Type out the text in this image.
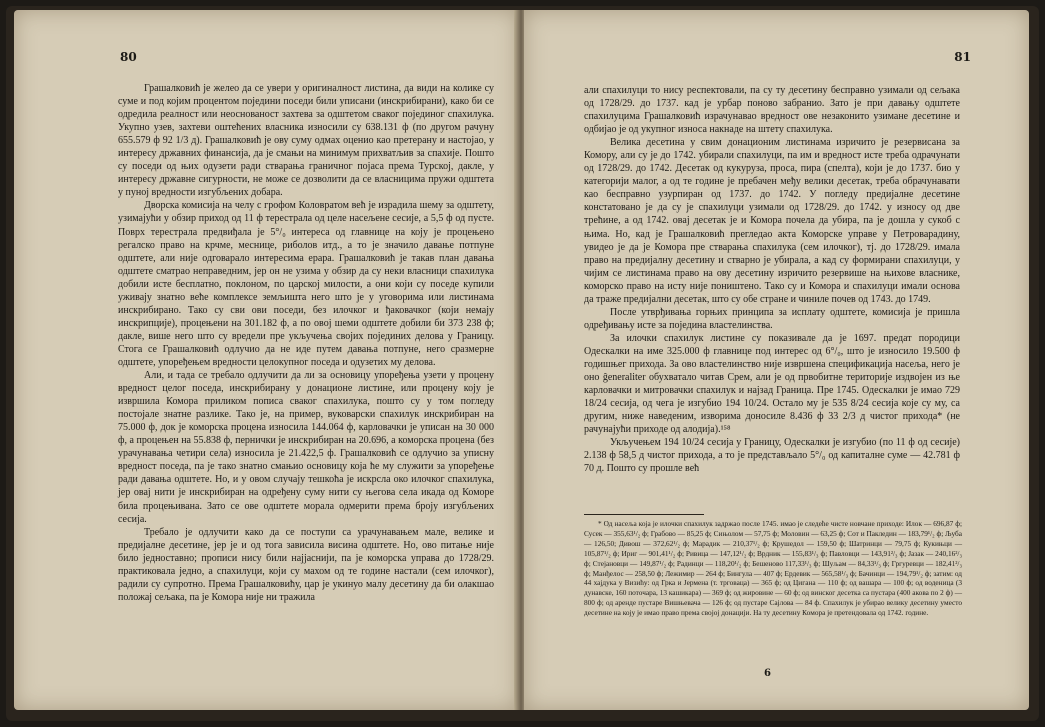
80

Грашалковић је желео да се увери у оригиналност листина, да види на колике су суме и под којим процентом поједини поседи били уписани (инскрибирани), како би се одредила реалност или неоснованост захтева за одштетом сваког појединог спахилука. Укупно узев, захтеви оштећених власника износили су 638.131 ф (по другом рачуну 655.579 ф 92 1/3 д). Грашалковић је ову суму одмах оценио као претерану и настојао, у интересу државних финансија, да је смањи на минимум прихватљив за спахије. Пошто су поседи од њих одузети ради стварања граничног појаса према Турској, дакле, у интересу државне сигурности, не може се дозволити да се власницима пружи одштета у пуној вредности изгубљених добара.

Дворска комисија на челу с грофом Коловратом већ је израдила шему за одштету, узимајући у обзир приход од 11 ф терестрала од целе насељене сесије, а 5,5 ф од пусте. Поврх терестрала предвиђала је 5°/₀ интереса од главнице на коју је процењено регалско право на крчме, меснице, риболов итд., а то је значило давање потпуне одштете, али није одговарало интересима ерара. Грашалковић је такав план давања одштете сматрао неправедним, јер он не узима у обзир да су неки власници спахилука добили исте бесплатно, поклоном, по царској милости, а они који су поседе купили уживају знатно веће комплексе земљишта него што је у уговорима или листинама инскрибирано. Тако су сви ови поседи, без илочког и ђаковачког (који немају инскрипције), процењени на 301.182 ф, а по овој шеми одштете добили би 373 238 ф; дакле, више него што су вредели пре укључења својих појединих делова у Границу. Стога се Грашалковић одлучио да не иде путем давања потпуне, него сразмерне одштете, упоређењем вредности целокупног поседа и одузетих му делова.

Али, и тада се требало одлучити да ли за основицу упоређења узети у процену вредност целог поседа, инскрибирану у донационе листине, или процену коју је извршила Комора приликом пописа сваког спахилука, пошто су у том погледу постојале знатне разлике. Тако је, на пример, вуковарски спахилук инскрибиран на 75.000 ф, док је коморска процена износила 144.064 ф, карловачки је уписан на 30 000 ф, а процењен на 55.838 ф, пернички је инскрибиран на 20.696, а коморска процена (без урачунавања четири села) износила је 21.422,5 ф. Грашалковић се одлучио за уписну вредност поседа, па је тако знатно смањио основицу која ће му служити за упоређење ради давања одштете. Но, и у овом случају тешкоћа је искрсла око илочког спахилука, јер овај нити је инскрибиран на одређену суму нити су његова села икада од Коморе била процењивана. Зато се ове одштете морала одмерити према броју изгубљених сесија.

Требало је одлучити како да се поступи са урачунавањем мале, велике и предијалне десетине, јер је и од тога зависила висина одштете. Но, ово питање није било једноставно; прописи нису били најјаснији, па је коморска управа до 1728/29. практиковала једно, а спахилуци, који су махом од те године настали (сем илочког), радили су супротно. Према Грашалковићу, цар је укинуо малу десетину да би олакшао положај сељака, па је Комора није ни тражила

81

али спахилуци то нису респектовали, па су ту десетину бесправно узимали од сељака од 1728/29. до 1737. кад је урбар поново забранио. Зато је при давању одштете спахилуцима Грашалковић израчунавао вредност ове незаконито узимане десетине и одбијао је од укупног износа накнаде на штету спахилука.

Велика десетина у свим донационим листинама изричито је резервисана за Комору, али су је до 1742. убирали спахилуци, па им и вредност исте треба одрачунати од 1728/29. до 1742. Десетак од кукуруза, проса, пира (спелта), који је до 1737. био у категорији малог, а од те године је пребачен међу велики десетак, треба обрачунавати као бесправно узурпиран од 1737. до 1742. У погледу предијалне десетине констатовано је да су је спахилуци узимали од 1728/29. до 1742. у износу од две трећине, а од 1742. овај десетак је и Комора почела да убира, па је дошла у сукоб с њима. Но, кад је Грашалковић прегледао акта Коморске управе у Петроварадину, увидео је да је Комора пре стварања спахилука (сем илочког), тј. до 1728/29. имала право на предијалну десетину и стварно је убирала, а кад су формирани спахилуци, у чијим се листинама право на ову десетину изричито резервише на њихове власнике, коморско право на исту није поништено. Тако су и Комора и спахилуци имали основа да траже предијални десетак, што су обе стране и чиниле почев од 1743. до 1749.

После утврђивања горњих принципа за исплату одштете, комисија је пришла одређивању исте за поједина властелинства.

За илочки спахилук листине су показивале да је 1697. предат породици Одескалки на име 325.000 ф главнице под интерес од 6°/₀, што је износило 19.500 ф годишњег прихода. За ово властелинство није извршена спецификација насеља, него је оно ĝeneralitеr обухватало читав Срем, али је од првобитне територије издвојен из ње карловачки и митровачки спахилук и најзад Граница. Пре 1745. Одескалки је имао 729 18/24 сесија, од чега је изгубио 194 10/24. Остало му је 535 8/24 сесија које су му, са другим, ниже наведеним, изворима доносиле 8.436 ф 33 2/3 д чистог прихода* (не рачунајући приходе од алодија).¹⁵⁸

Укључењем 194 10/24 сесија у Границу, Одескалки је изгубио (по 11 ф од сесије) 2.138 ф 58,5 д чистог прихода, а то је представљало 5°/₀ од капиталне суме — 42.781 ф 70 д. Пошто су прошле већ

* Од насеља која је илочки спахилук задржао после 1745. имао је следеће чисте новчане приходе: Илок — 696,87 ф; Сусек — 355,63¹/₂ ф; Грабово — 85,25 ф; Сињолом — 57,75 ф; Моловин — 63,25 ф; Сот и Пакледин — 183,79¹/₂ ф; Љуба — 126,50; Дивош — 372,62¹/₂ ф; Марадик — 210,37¹/₂ ф; Крушедол — 159,50 ф; Шатринци — 79,75 ф; Кукињци — 105,87¹/₂ ф; Ириг — 901,41¹/₂ ф; Ривица — 147,12¹/₂ ф; Врдник — 155,83¹/₃ ф; Павловци — 143,91²/₃ ф; Јазак — 240,16²/₃ ф; Стејановци — 149,87¹/₂ ф; Радинци — 118,20¹/₂ ф; Бешеново 117,33¹/₃ ф; Шуљам — 84,33¹/₃ ф; Гргуревци — 182,41²/₃ ф; Манђелос — 258,50 ф; Лежимир — 264 ф; Бингула — 407 ф; Ердевик — 565,58¹/₃ ф; Бачинци — 194,79¹/₂ ф; затим: од 44 хајдука у Визићу: од Грка и Јермена (т. трговаца) — 365 ф; од Цигана — 110 ф; од вашара — 100 ф; од воденица (3 дунавске, 160 поточара, 13 кашикара) — 369 ф; од жировине — 60 ф; од винског десетка са пустара (400 акова по 2 ф) — 800 ф; од аренде пустаре Вишњевача — 126 ф; од пустаре Сајлова — 84 ф. Спахилук је убирао велику десетину уместо десетине на коју је имао право према својој донацији. На ту десетину Комора је претендовала од 1742. године.

6
